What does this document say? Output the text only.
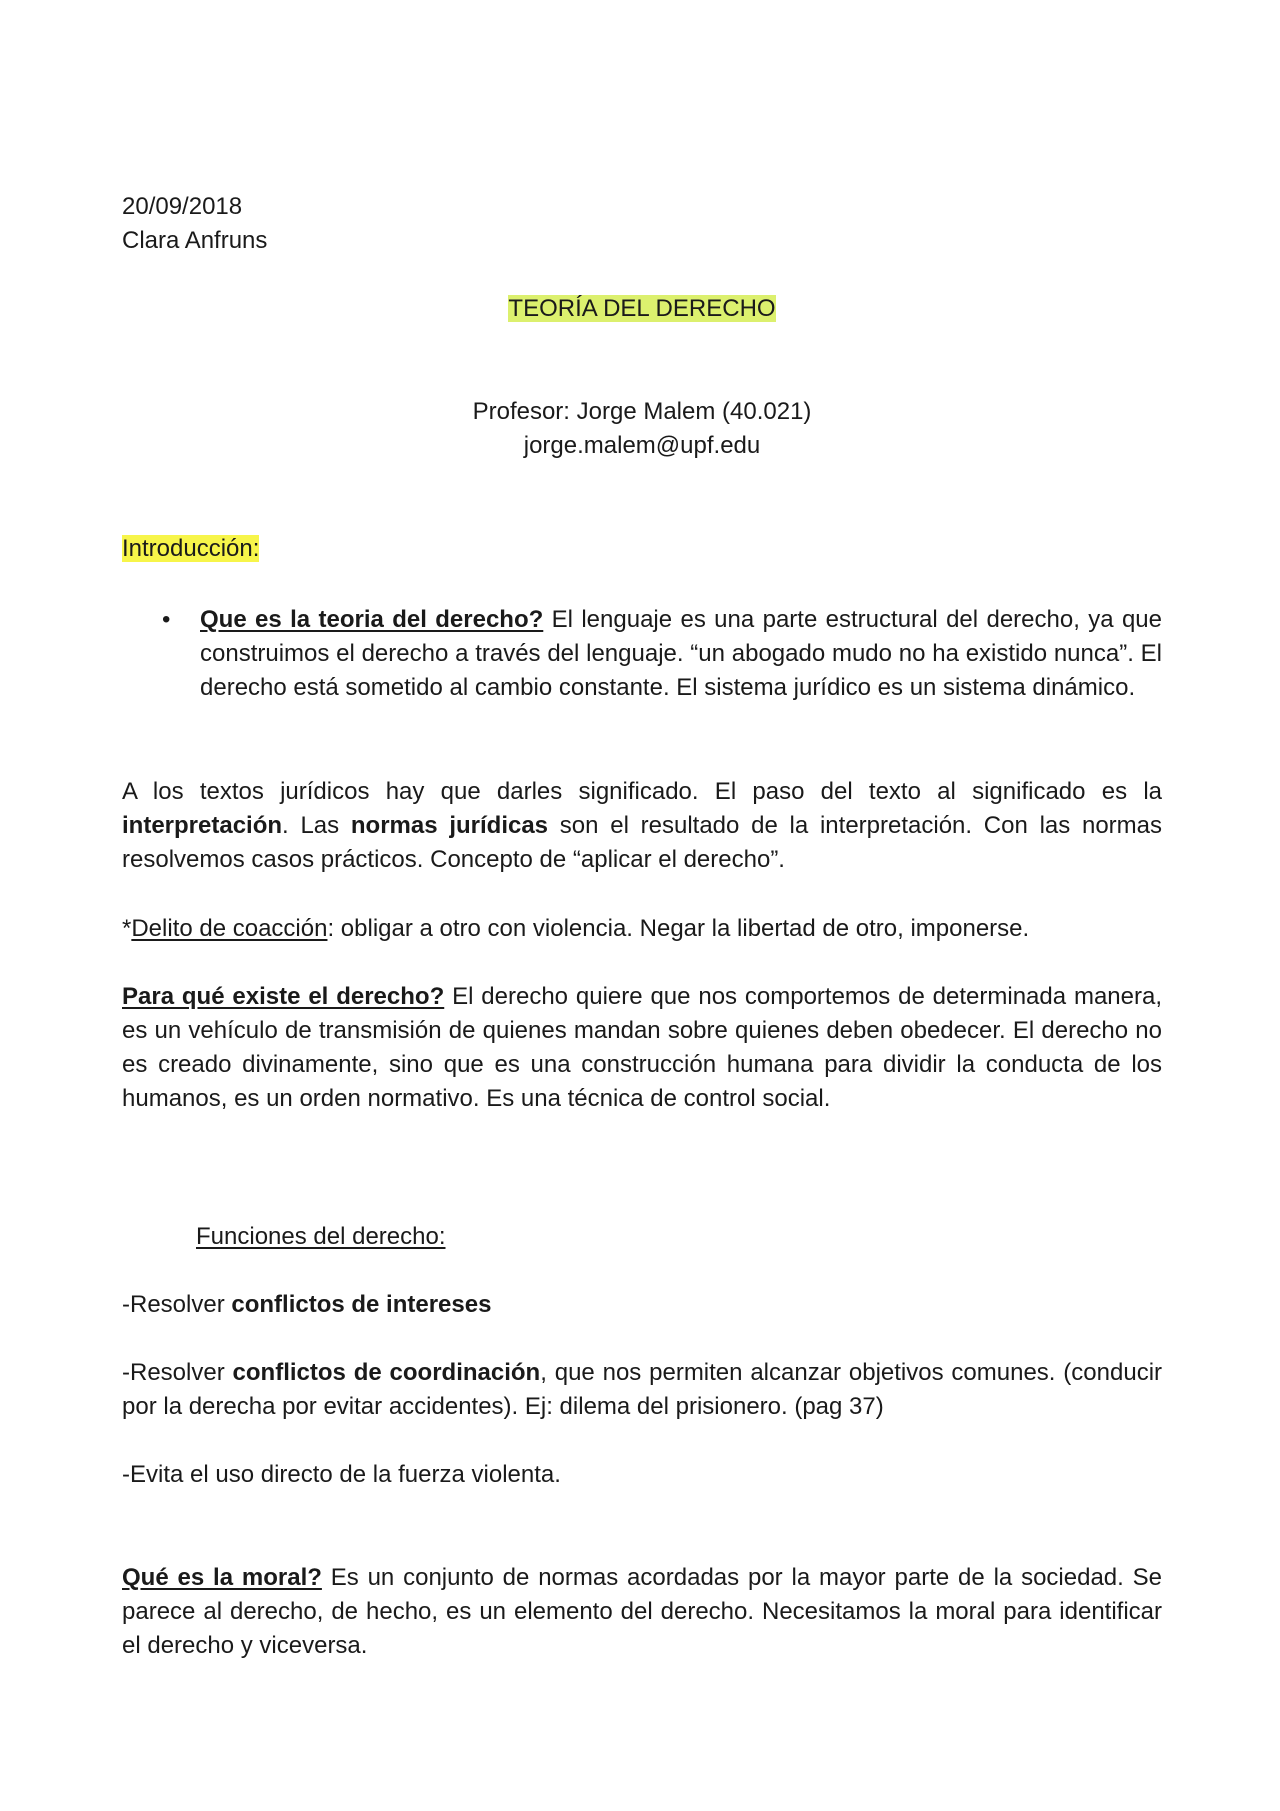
20/09/2018

Clara Anfruns

TEORÍA DEL DERECHO

Profesor: Jorge Malem (40.021)

jorge.malem@upf.edu

Introducción:
• Que es la teoria del derecho? El lenguaje es una parte estructural del derecho, ya que construimos el derecho a través del lenguaje. “un abogado mudo no ha existido nunca”. El derecho está sometido al cambio constante. El sistema jurídico es un sistema dinámico.

A los textos jurídicos hay que darles significado. El paso del texto al significado es la interpretación. Las normas jurídicas son el resultado de la interpretación. Con las normas resolvemos casos prácticos. Concepto de “aplicar el derecho”.

*Delito de coacción: obligar a otro con violencia. Negar la libertad de otro, imponerse.

Para qué existe el derecho? El derecho quiere que nos comportemos de determinada manera, es un vehículo de transmisión de quienes mandan sobre quienes deben obedecer. El derecho no es creado divinamente, sino que es una construcción humana para dividir la conducta de los humanos, es un orden normativo. Es una técnica de control social.

Funciones del derecho:

-Resolver conflictos de intereses

-Resolver conflictos de coordinación, que nos permiten alcanzar objetivos comunes. (conducir por la derecha por evitar accidentes). Ej: dilema del prisionero. (pag 37)

-Evita el uso directo de la fuerza violenta.

Qué es la moral? Es un conjunto de normas acordadas por la mayor parte de la sociedad. Se parece al derecho, de hecho, es un elemento del derecho. Necesitamos la moral para identificar el derecho y viceversa.
